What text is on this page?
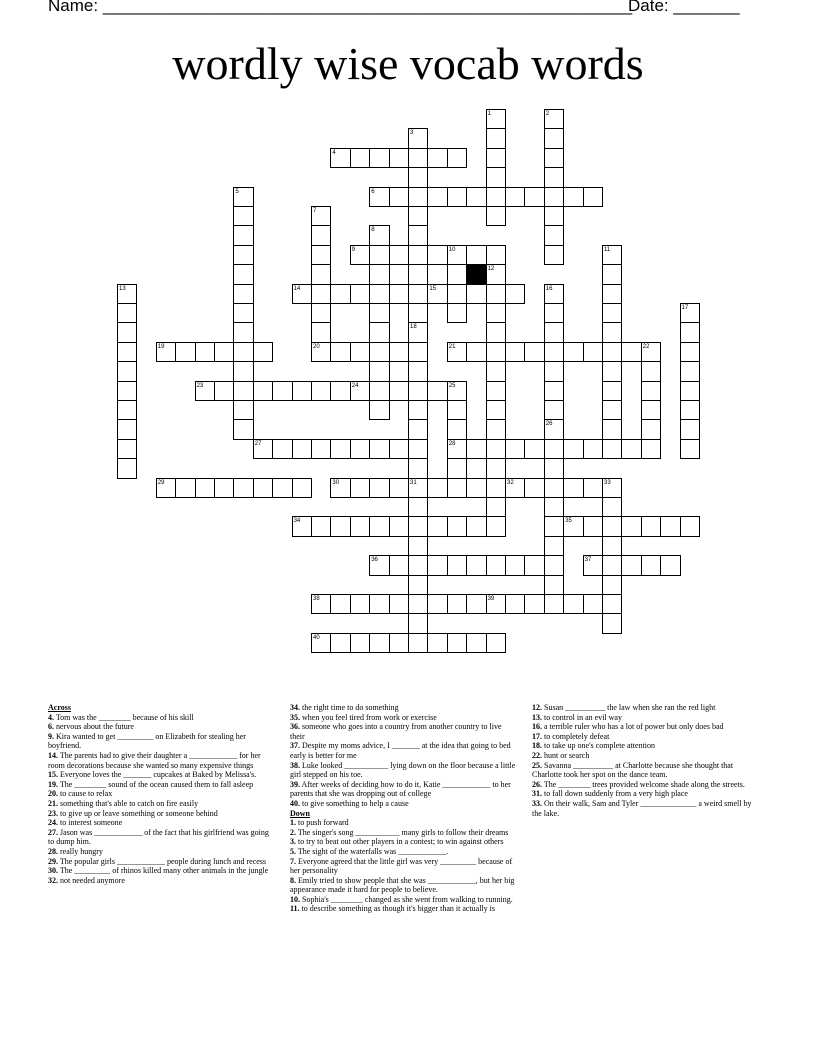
Name: ________________________________________________________
Date: _______
wordly wise vocab words
1	2
3
18
4
5	6
7
8
9	10	11
12
13	14	15	16
26
17
19	20	21	22
23	24	25
28
27
29	30	31	32	33
34	35
36	37
38	39
40
Across

4. Tom was the ________ because of his skill

6. nervous about the future

9. Kira wanted to get _________ on Elizabeth for stealing her boyfriend.

14. The parents had to give their daughter a ____________ for her room decorations because she wanted so many expensive things

15. Everyone loves the _______ cupcakes at Baked by Melissa's.

19. The ________ sound of the ocean caused them to fall asleep

20. to cause to relax

21. something that's able to catch on fire easily

23. to give up or leave something or someone behind

24. to interest someone

27. Jason was ____________ of the fact that his girlfriend was going to dump him.

28. really hungry

29. The popular girls ____________ people during lunch and recess

30. The _________ of rhinos killed many other animals in the jungle

32. not needed anymore

34. the right time to do something

35. when you feel tired from work or exercise

36. someone who goes into a country from another country to live their

37. Despite my moms advice, I _______ at the idea that going to bed early is better for me

38. Luke looked ___________ lying down on the floor because a little girl stepped on his toe.

39. After weeks of deciding how to do it, Katie ____________ to her parents that she was dropping out of college

40. to give something to help a cause

Down

1. to push forward

2. The singer's song ___________ many girls to follow their dreams

3. to try to beat out other players in a contest; to win against others

5. The sight of the waterfalls was ____________.

7. Everyone agreed that the little girl was very _________ because of her personality

8. Emily tried to show people that she was ____________, but her big appearance made it hard for people to believe.

10. Sophia's ________ changed as she went from walking to running.

11. to describe something as though it's bigger than it actually is

12. Susan __________ the law when she ran the red light

13. to control in an evil way

16. a terrible ruler who has a lot of power but only does bad

17. to completely defeat

18. to take up one's complete attention

22. hunt or search

25. Savanna __________ at Charlotte because she thought that Charlotte took her spot on the dance team.

26. The ________ trees provided welcome shade along the streets.

31. to fall down suddenly from a very high place

33. On their walk, Sam and Tyler ______________ a weird smell by the lake.
